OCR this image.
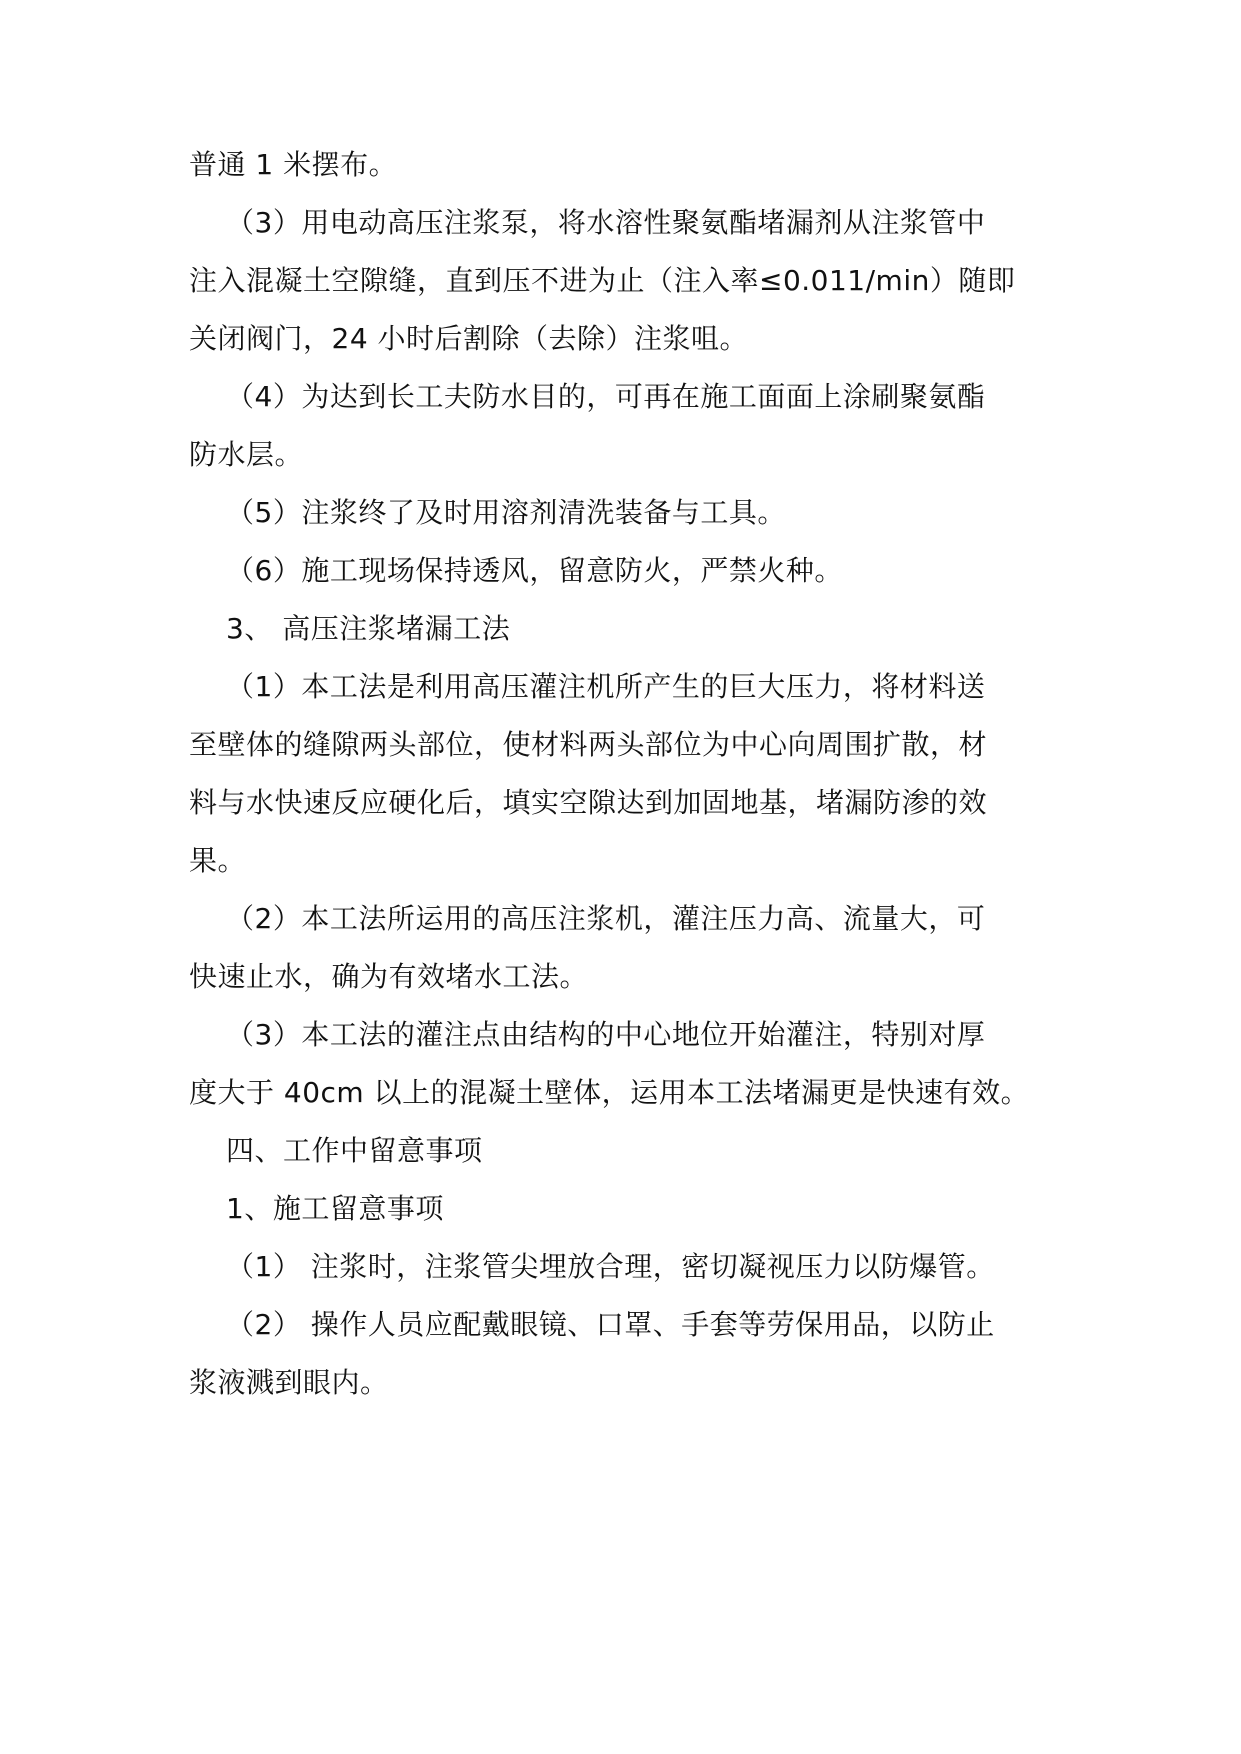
普通 1 米摆布。
（3）用电动高压注浆泵，将水溶性聚氨酯堵漏剂从注浆管中
注入混凝土空隙缝，直到压不进为止（注入率≤0.011/min）随即
关闭阀门，24 小时后割除（去除）注浆咀。
（4）为达到长工夫防水目的，可再在施工面面上涂刷聚氨酯
防水层。
（5）注浆终了及时用溶剂清洗装备与工具。
（6）施工现场保持透风，留意防火，严禁火种。
3、 高压注浆堵漏工法
（1）本工法是利用高压灌注机所产生的巨大压力，将材料送
至壁体的缝隙两头部位，使材料两头部位为中心向周围扩散，材
料与水快速反应硬化后，填实空隙达到加固地基，堵漏防渗的效
果。
（2）本工法所运用的高压注浆机，灌注压力高、流量大，可
快速止水，确为有效堵水工法。
（3）本工法的灌注点由结构的中心地位开始灌注，特别对厚
度大于 40cm 以上的混凝土壁体，运用本工法堵漏更是快速有效。
四、工作中留意事项
1、施工留意事项
（1） 注浆时，注浆管尖埋放合理，密切凝视压力以防爆管。
（2） 操作人员应配戴眼镜、口罩、手套等劳保用品，以防止
浆液溅到眼内。
